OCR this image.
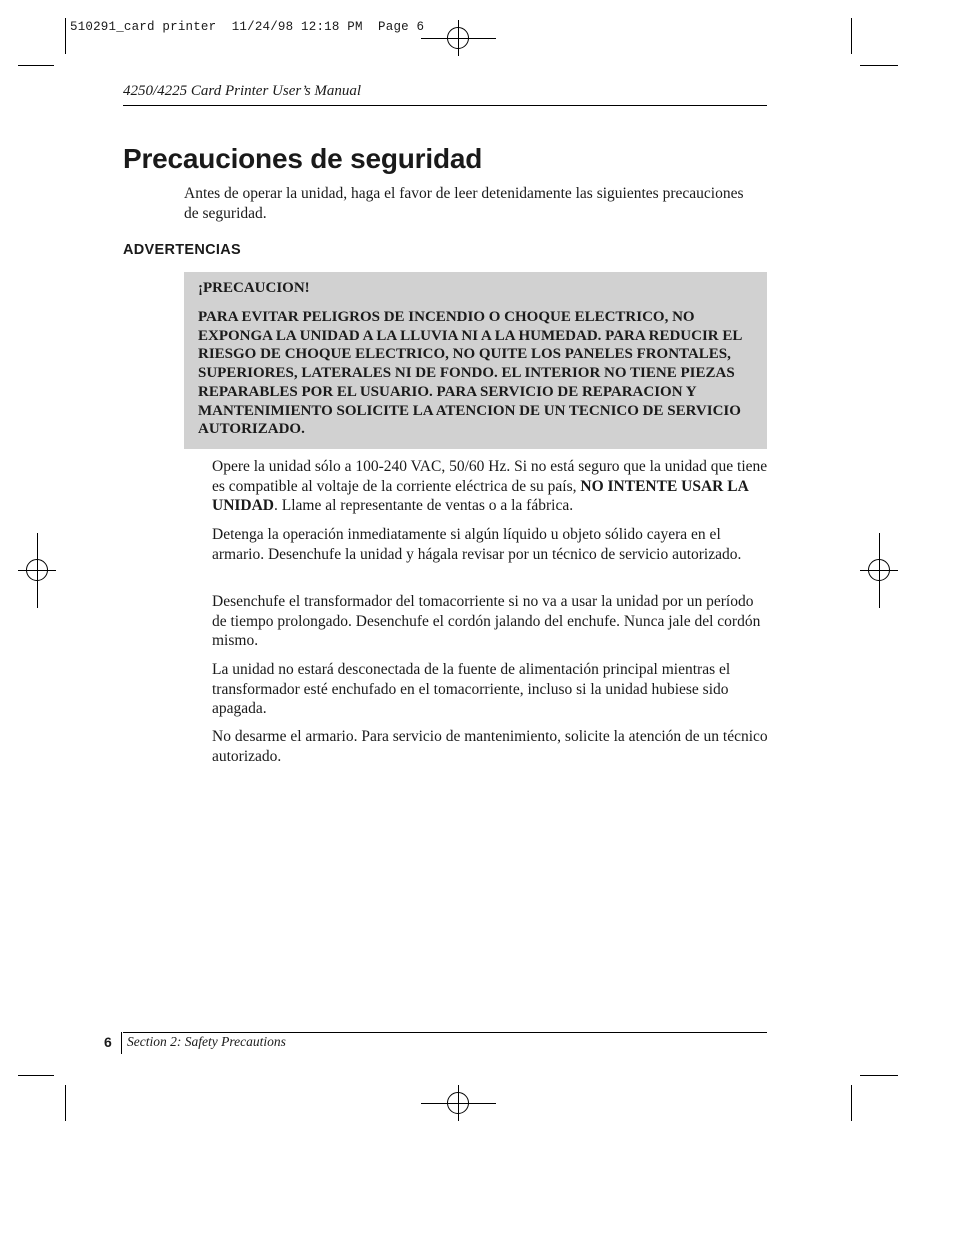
510291_card printer  11/24/98 12:18 PM  Page 6
4250/4225 Card Printer User’s Manual
Precauciones de seguridad

Antes de operar la unidad, haga el favor de leer detenidamente las siguientes precauciones de seguridad.

ADVERTENCIAS

¡PRECAUCION!

PARA EVITAR PELIGROS DE INCENDIO O CHOQUE ELECTRICO, NO EXPONGA LA UNIDAD A LA LLUVIA NI A LA HUMEDAD. PARA REDUCIR EL RIESGO DE CHOQUE ELECTRICO, NO QUITE LOS PANELES FRONTALES, SUPERIORES, LATERALES NI DE FONDO. EL INTERIOR NO TIENE PIEZAS REPARABLES POR EL USUARIO. PARA SERVICIO DE REPARACION Y MANTENIMIENTO SOLICITE LA ATENCION DE UN TECNICO DE SERVICIO AUTORIZADO.

Opere la unidad sólo a 100-240 VAC, 50/60 Hz. Si no está seguro que la unidad que tiene es compatible al voltaje de la corriente eléctrica de su país, NO INTENTE USAR LA UNIDAD. Llame al representante de ventas o a la fábrica.

Detenga la operación inmediatamente si algún líquido u objeto sólido cayera en el armario. Desenchufe la unidad y hágala revisar por un técnico de servicio autorizado.

Desenchufe el transformador del tomacorriente si no va a usar la unidad por un período de tiempo prolongado. Desenchufe el cordón jalando del enchufe. Nunca jale del cordón mismo.

La unidad no estará desconectada de la fuente de alimentación principal mientras el transformador esté enchufado en el tomacorriente, incluso si la unidad hubiese sido apagada.

No desarme el armario. Para servicio de mantenimiento, solicite la atención de un técnico autorizado.

6 Section 2: Safety Precautions
